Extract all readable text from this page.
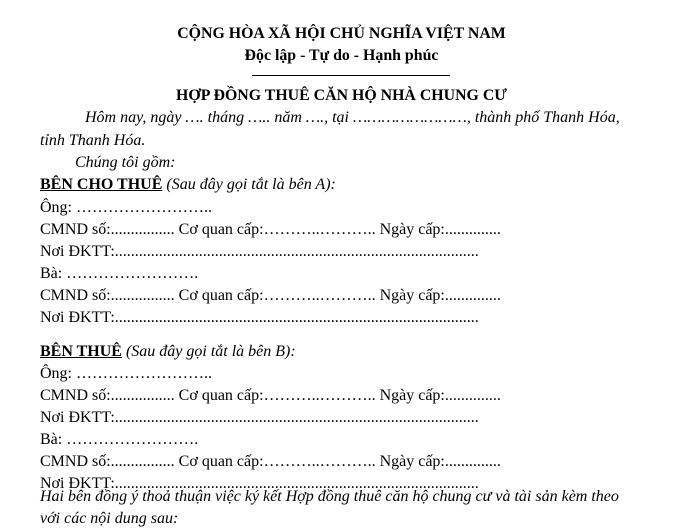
CỘNG HÒA XÃ HỘI CHỦ NGHĨA VIỆT NAM
Độc lập - Tự do - Hạnh phúc
HỢP ĐỒNG THUÊ CĂN HỘ NHÀ CHUNG CƯ
Hôm nay, ngày …. tháng ….. năm …., tại ……………………, thành phố Thanh Hóa,
tỉnh Thanh Hóa.
Chúng tôi gồm:
BÊN CHO THUÊ (Sau đây gọi tắt là bên A):
Ông: ……………………..
CMND số:................ Cơ quan cấp:………..……….. Ngày cấp:..............
Nơi ĐKTT:...........................................................................................
Bà: …………………….
CMND số:................ Cơ quan cấp:………..……….. Ngày cấp:..............
Nơi ĐKTT:...........................................................................................
BÊN THUÊ (Sau đây gọi tắt là bên B):
Ông: ……………………..
CMND số:................ Cơ quan cấp:………..……….. Ngày cấp:..............
Nơi ĐKTT:...........................................................................................
Bà: …………………….
CMND số:................ Cơ quan cấp:………..……….. Ngày cấp:..............
Nơi ĐKTT:...........................................................................................
Hai bên đồng ý thoả thuận việc ký kết Hợp đồng thuê căn hộ chung cư và tài sản kèm theo
với các nội dung sau:
